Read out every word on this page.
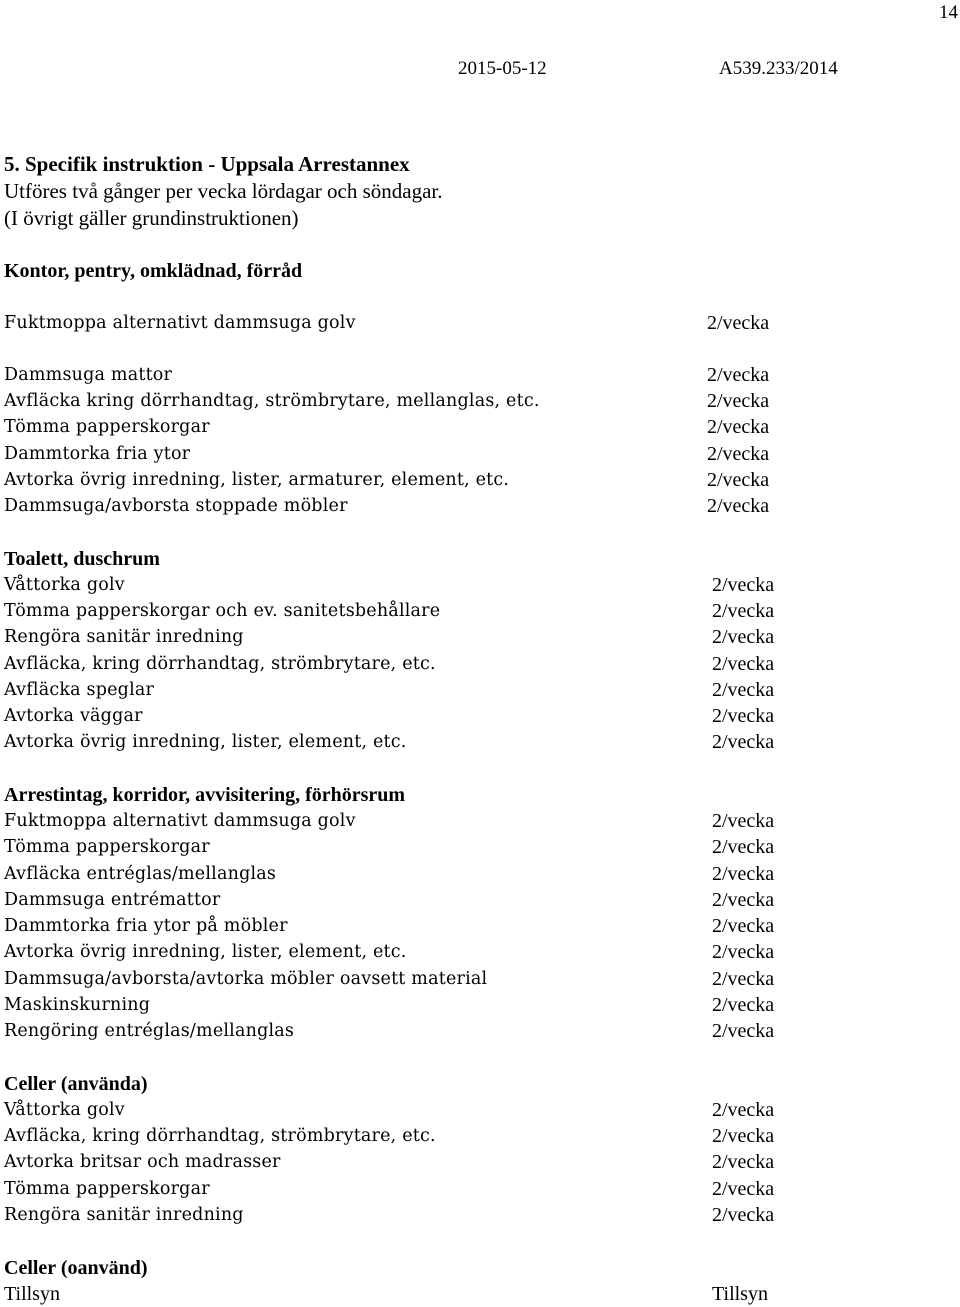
14
2015-05-12	A539.233/2014
5. Specifik instruktion - Uppsala Arrestannex
Utföres två gånger per vecka lördagar och söndagar.
(I övrigt gäller grundinstruktionen)
Kontor, pentry, omklädnad, förråd
Fuktmoppa alternativt dammsuga golv	2/vecka
Dammsuga mattor	2/vecka
Avfläcka kring dörrhandtag, strömbrytare, mellanglas, etc.	2/vecka
Tömma papperskorgar	2/vecka
Dammtorka fria ytor	2/vecka
Avtorka övrig inredning, lister, armaturer, element, etc.	2/vecka
Dammsuga/avborsta stoppade möbler	2/vecka
Toalett, duschrum
Våttorka golv	2/vecka
Tömma papperskorgar och ev. sanitetsbehållare	2/vecka
Rengöra sanitär inredning	2/vecka
Avfläcka, kring dörrhandtag, strömbrytare, etc.	2/vecka
Avfläcka speglar	2/vecka
Avtorka väggar	2/vecka
Avtorka övrig inredning, lister, element, etc.	2/vecka
Arrestintag, korridor, avvisitering, förhörsrum
Fuktmoppa alternativt dammsuga golv	2/vecka
Tömma papperskorgar	2/vecka
Avfläcka entréglas/mellanglas	2/vecka
Dammsuga entrémattor	2/vecka
Dammtorka fria ytor på möbler	2/vecka
Avtorka övrig inredning, lister, element, etc.	2/vecka
Dammsuga/avborsta/avtorka möbler oavsett material	2/vecka
Maskinskurning	2/vecka
Rengöring entréglas/mellanglas	2/vecka
Celler (använda)
Våttorka golv	2/vecka
Avfläcka, kring dörrhandtag, strömbrytare, etc.	2/vecka
Avtorka britsar och madrasser	2/vecka
Tömma papperskorgar	2/vecka
Rengöra sanitär inredning	2/vecka
Celler (oanvänd)
Tillsyn	Tillsyn
